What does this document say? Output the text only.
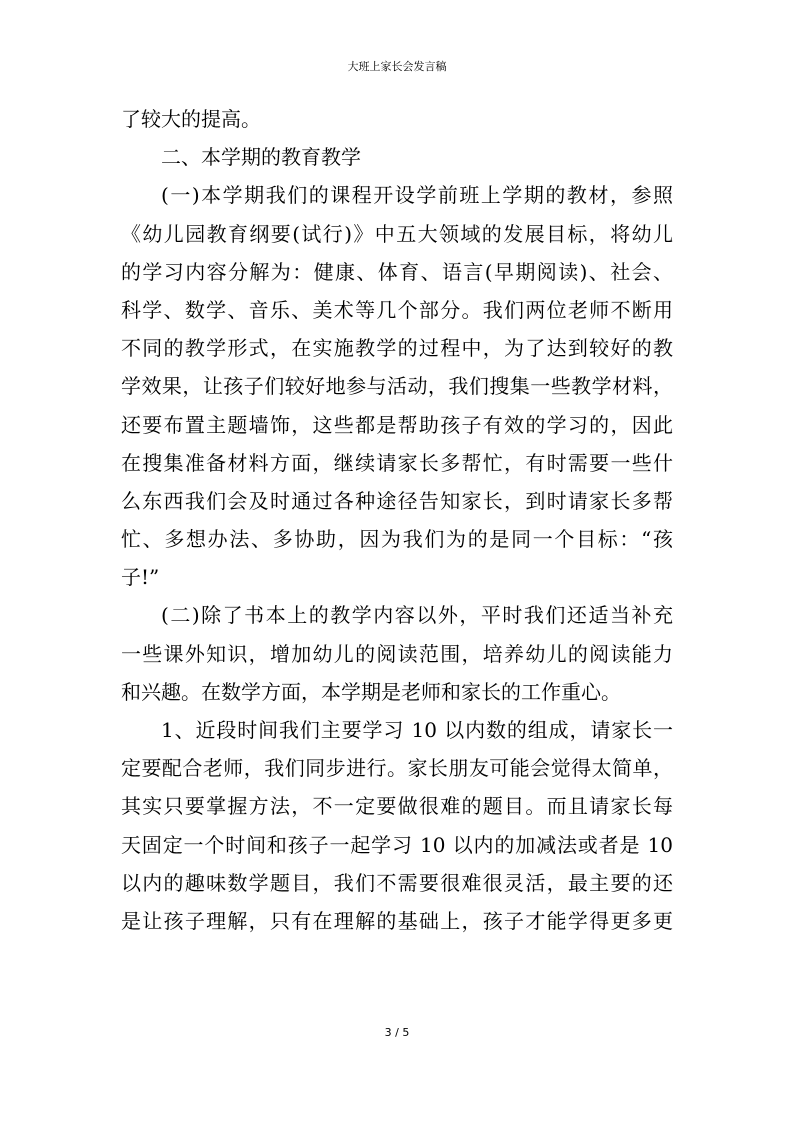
大班上家长会发言稿
了较大的提高。
二、本学期的教育教学
(一)本学期我们的课程开设学前班上学期的教材，参照
《幼儿园教育纲要(试行)》中五大领域的发展目标，将幼儿
的学习内容分解为：健康、体育、语言(早期阅读)、社会、
科学、数学、音乐、美术等几个部分。我们两位老师不断用
不同的教学形式，在实施教学的过程中，为了达到较好的教
学效果，让孩子们较好地参与活动，我们搜集一些教学材料，
还要布置主题墙饰，这些都是帮助孩子有效的学习的，因此
在搜集准备材料方面，继续请家长多帮忙，有时需要一些什
么东西我们会及时通过各种途径告知家长，到时请家长多帮
忙、多想办法、多协助，因为我们为的是同一个目标：“孩
子!”
(二)除了书本上的教学内容以外，平时我们还适当补充
一些课外知识，增加幼儿的阅读范围，培养幼儿的阅读能力
和兴趣。在数学方面，本学期是老师和家长的工作重心。
1、近段时间我们主要学习 10 以内数的组成，请家长一
定要配合老师，我们同步进行。家长朋友可能会觉得太简单，
其实只要掌握方法，不一定要做很难的题目。而且请家长每
天固定一个时间和孩子一起学习 10 以内的加减法或者是 10
以内的趣味数学题目，我们不需要很难很灵活，最主要的还
是让孩子理解，只有在理解的基础上，孩子才能学得更多更
3 / 5
